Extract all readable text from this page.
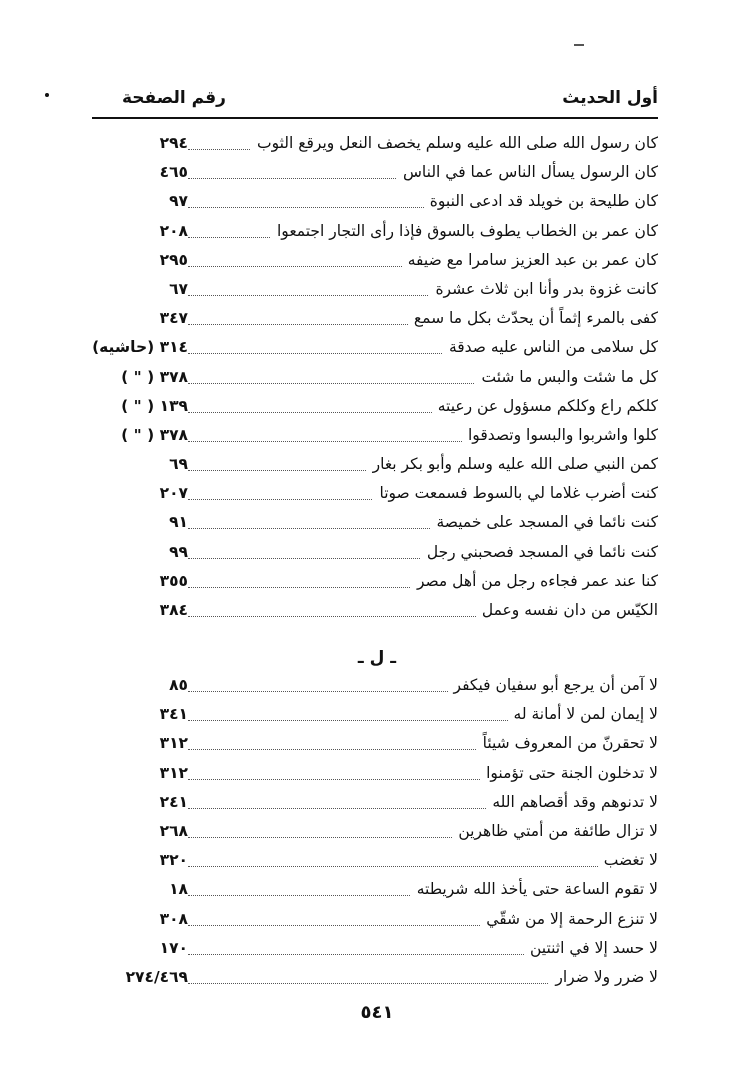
أول الحديث
رقم الصفحة
كان رسول الله صلى الله عليه وسلم يخصف النعل ويرقع الثوب
٢٩٤
كان الرسول يسأل الناس عما في الناس
٤٦٥
كان طليحة بن خويلد قد ادعى النبوة
٩٧
كان عمر بن الخطاب يطوف بالسوق فإذا رأى التجار اجتمعوا
٢٠٨
كان عمر بن عبد العزيز سامرا مع ضيفه
٢٩٥
كانت غزوة بدر وأنا ابن ثلاث عشرة
٦٧
كفى بالمرء إثماً أن يحدّث بكل ما سمع
٣٤٧
كل سلامى من الناس عليه صدقة
٣١٤ (حاشيه)
كل ما شئت والبس ما شئت
٣٧٨ ( " )
كلكم راع وكلكم مسؤول عن رعيته
١٣٩ ( " )
كلوا واشربوا والبسوا وتصدقوا
٣٧٨ ( " )
كمن النبي صلى الله عليه وسلم وأبو بكر بغار
٦٩
كنت أضرب غلاما لي بالسوط فسمعت صوتا
٢٠٧
كنت نائما في المسجد على خميصة
٩١
كنت نائما في المسجد فصحبني رجل
٩٩
كنا عند عمر فجاءه رجل من أهل مصر
٣٥٥
الكيّس من دان نفسه وعمل
٣٨٤
ـ ل ـ
لا آمن أن يرجع أبو سفيان فيكفر
٨٥
لا إيمان لمن لا أمانة له
٣٤١
لا تحقرنّ من المعروف شيئاً
٣١٢
لا تدخلون الجنة حتى تؤمنوا
٣١٢
لا تدنوهم وقد أقصاهم الله
٢٤١
لا تزال طائفة من أمتي ظاهرين
٢٦٨
لا تغضب
٣٢٠
لا تقوم الساعة حتى يأخذ الله شريطته
١٨
لا تنزع الرحمة إلا من شقّي
٣٠٨
لا حسد إلا في اثنتين
١٧٠
لا ضرر ولا ضرار
٢٧٤/٤٦٩
٥٤١
